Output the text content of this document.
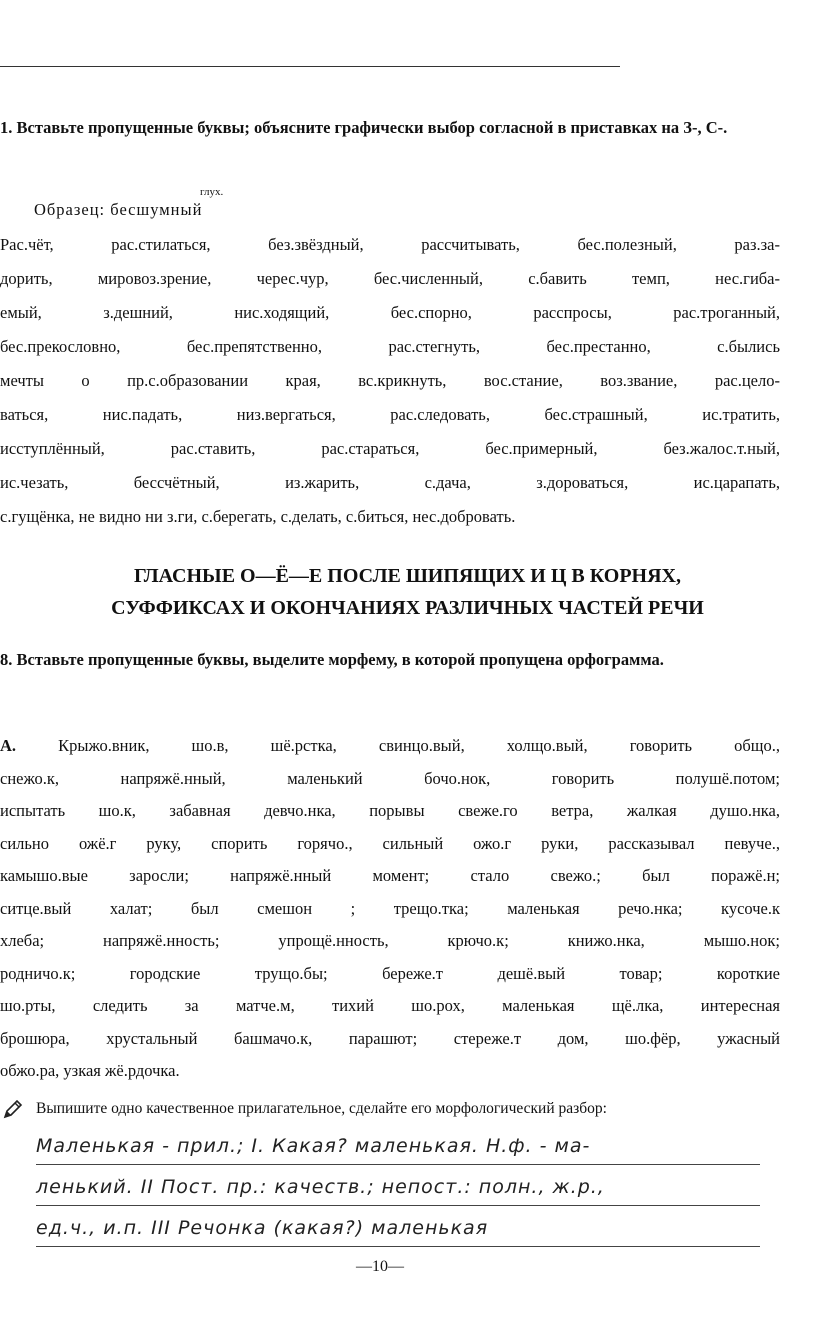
1. Вставьте пропущенные буквы; объясните графически выбор согласной в приставках на З-, С-.
Образец: бесшумный
глух.
Рас.чёт, рас.стилаться, без.звёздный, рассчитывать, бес.полезный, раз.за-
дорить, мировоз.зрение, черес.чур, бес.численный, с.бавить темп, нес.гиба-
емый, з.дешний, нис.ходящий, бес.спорно, расспросы, рас.троганный,
бес.прекословно, бес.препятственно, рас.стегнуть, бес.престанно, с.былись
мечты о пр.с.образовании края, вс.крикнуть, вос.стание, воз.звание, рас.цело-
ваться, нис.падать, низ.вергаться, рас.следовать, бес.страшный, ис.тратить,
исступлённый, рас.ставить, рас.стараться, бес.примерный, без.жалос.т.ный,
ис.чезать, бессчётный, из.жарить, с.дача, з.дороваться, ис.царапать,
с.гущёнка, не видно ни з.ги, с.берегать, с.делать, с.биться, нес.добровать.
ГЛАСНЫЕ О—Ё—Е ПОСЛЕ ШИПЯЩИХ И Ц В КОРНЯХ,
СУФФИКСАХ И ОКОНЧАНИЯХ РАЗЛИЧНЫХ ЧАСТЕЙ РЕЧИ
8. Вставьте пропущенные буквы, выделите морфему, в которой пропущена орфограмма.
А.	Крыжо.вник, шо.в, шё.рстка, свинцо.вый, холщо.вый, говорить общо.,
снежо.к, напряжё.нный, маленький бочо.нок, говорить полушё.потом;
испытать шо.к, забавная девчо.нка, порывы свеже.го ветра, жалкая душо.нка,
сильно ожё.г руку, спорить горячо., сильный ожо.г руки, рассказывал певуче.,
камышо.вые заросли; напряжё.нный момент; стало свежо.; был поражё.н;
ситце.вый халат; был смешон ; трещо.тка; маленькая речо.нка; кусоче.к
хлеба; напряжё.нность; упрощё.нность, крючо.к; книжо.нка, мышо.нок;
родничо.к; городские трущо.бы; береже.т дешё.вый товар; короткие
шо.рты, следить за матче.м, тихий шо.рох, маленькая щё.лка, интересная
брошюра, хрустальный башмачо.к, парашют; стереже.т дом, шо.фёр, ужасный
обжо.ра, узкая жё.рдочка.
Выпишите одно качественное прилагательное, сделайте его морфологический разбор:
Маленькая - прил.; I. Какая? маленькая. Н.ф. - ма-
ленький. II Пост. пр.: качеств.; непост.: полн., ж.р.,
ед.ч., и.п. III Речонка (какая?) маленькая
—10—
